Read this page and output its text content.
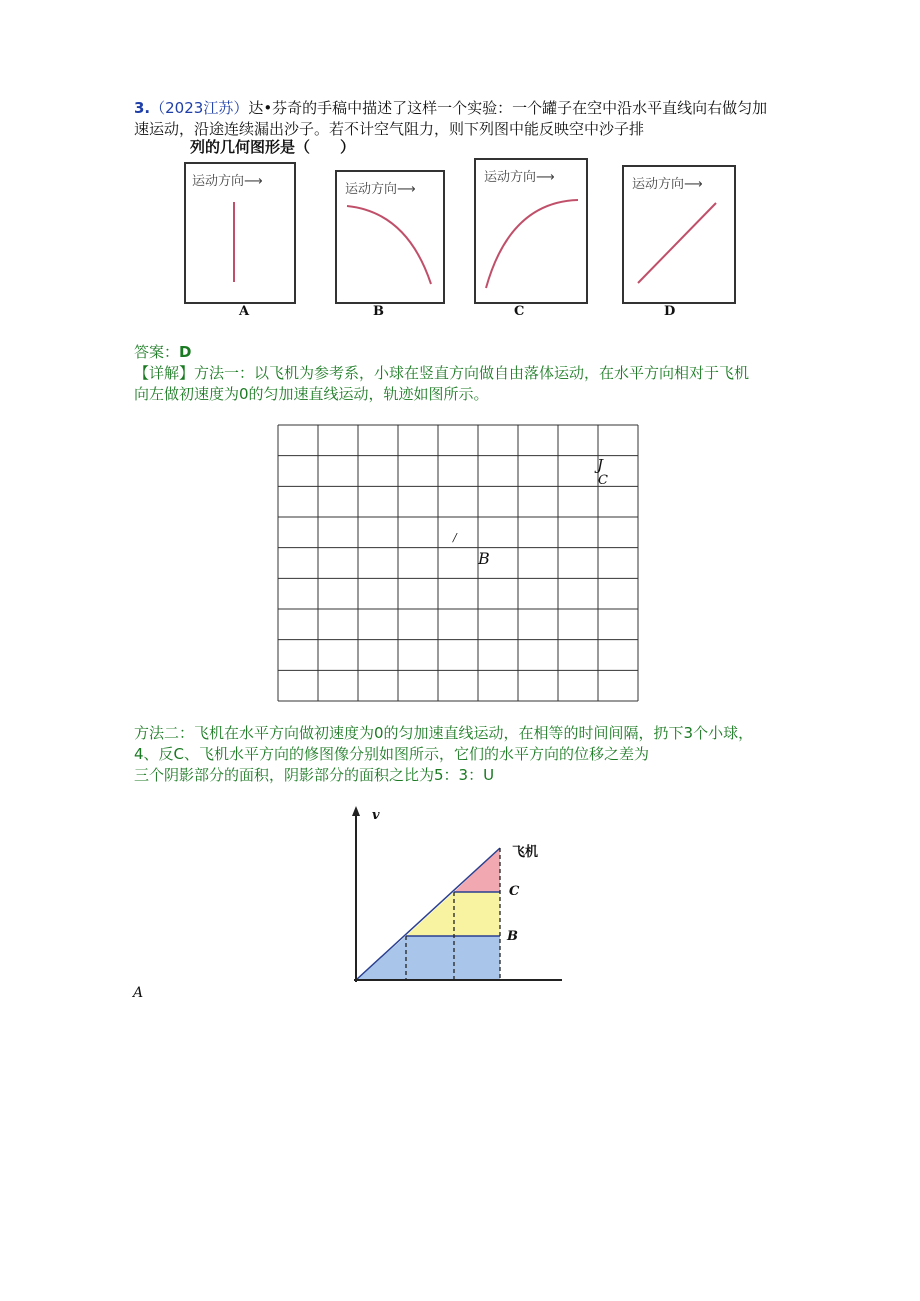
3.（2023江苏）达•芬奇的手稿中描述了这样一个实验：一个罐子在空中沿水平直线向右做匀加
速运动，沿途连续漏出沙子。若不计空气阻力，则下列图中能反映空中沙子排
列的几何图形是（　　）
运动方向⟶
A
运动方向⟶
B
运动方向⟶
C
运动方向⟶
D
答案：D
【详解】方法一：以飞机为参考系，小球在竖直方向做自由落体运动，在水平方向相对于飞机
向左做初速度为0的匀加速直线运动，轨迹如图所示。
J
C
/
B
方法二：飞机在水平方向做初速度为0的匀加速直线运动，在相等的时间间隔，扔下3个小球，
4、反C、飞机水平方向的修图像分别如图所示，它们的水平方向的位移之差为
三个阴影部分的面积，阴影部分的面积之比为5：3：U
v
飞机
C
B
A
